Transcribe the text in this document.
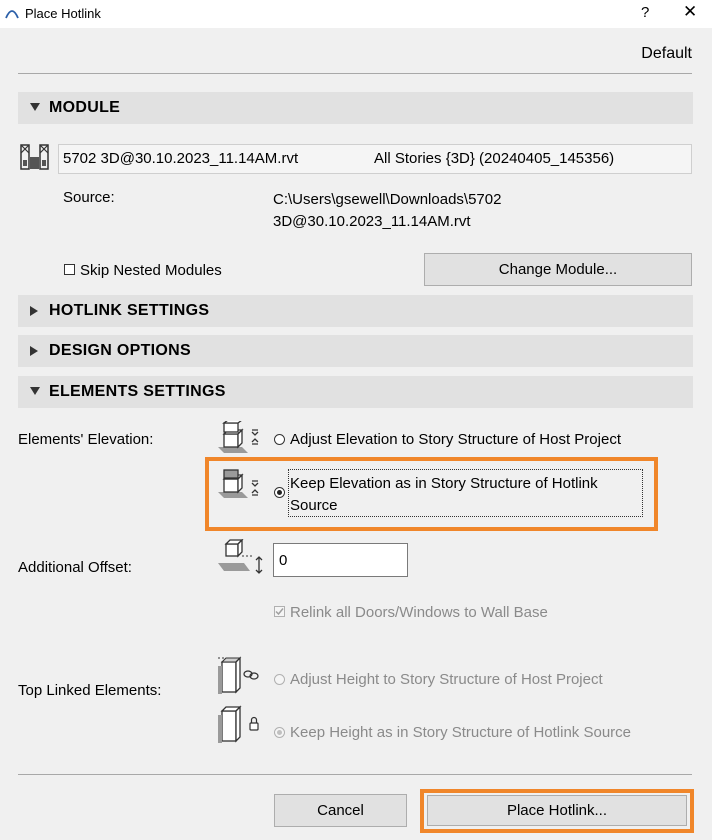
Place Hotlink	? ✕
Default
MODULE
5702 3D@30.10.2023_11.14AM.rvt	All Stories {3D} (20240405_145356)
Source:	C:\Users\gsewell\Downloads\5702 3D@30.10.2023_11.14AM.rvt
Skip Nested Modules	Change Module...
HOTLINK SETTINGS
DESIGN OPTIONS
ELEMENTS SETTINGS
Elements' Elevation:	Adjust Elevation to Story Structure of Host Project
Keep Elevation as in Story Structure of Hotlink Source
Additional Offset:
0
Relink all Doors/Windows to Wall Base
Top Linked Elements:
Adjust Height to Story Structure of Host Project
Keep Height as in Story Structure of Hotlink Source
Cancel	Place Hotlink...
